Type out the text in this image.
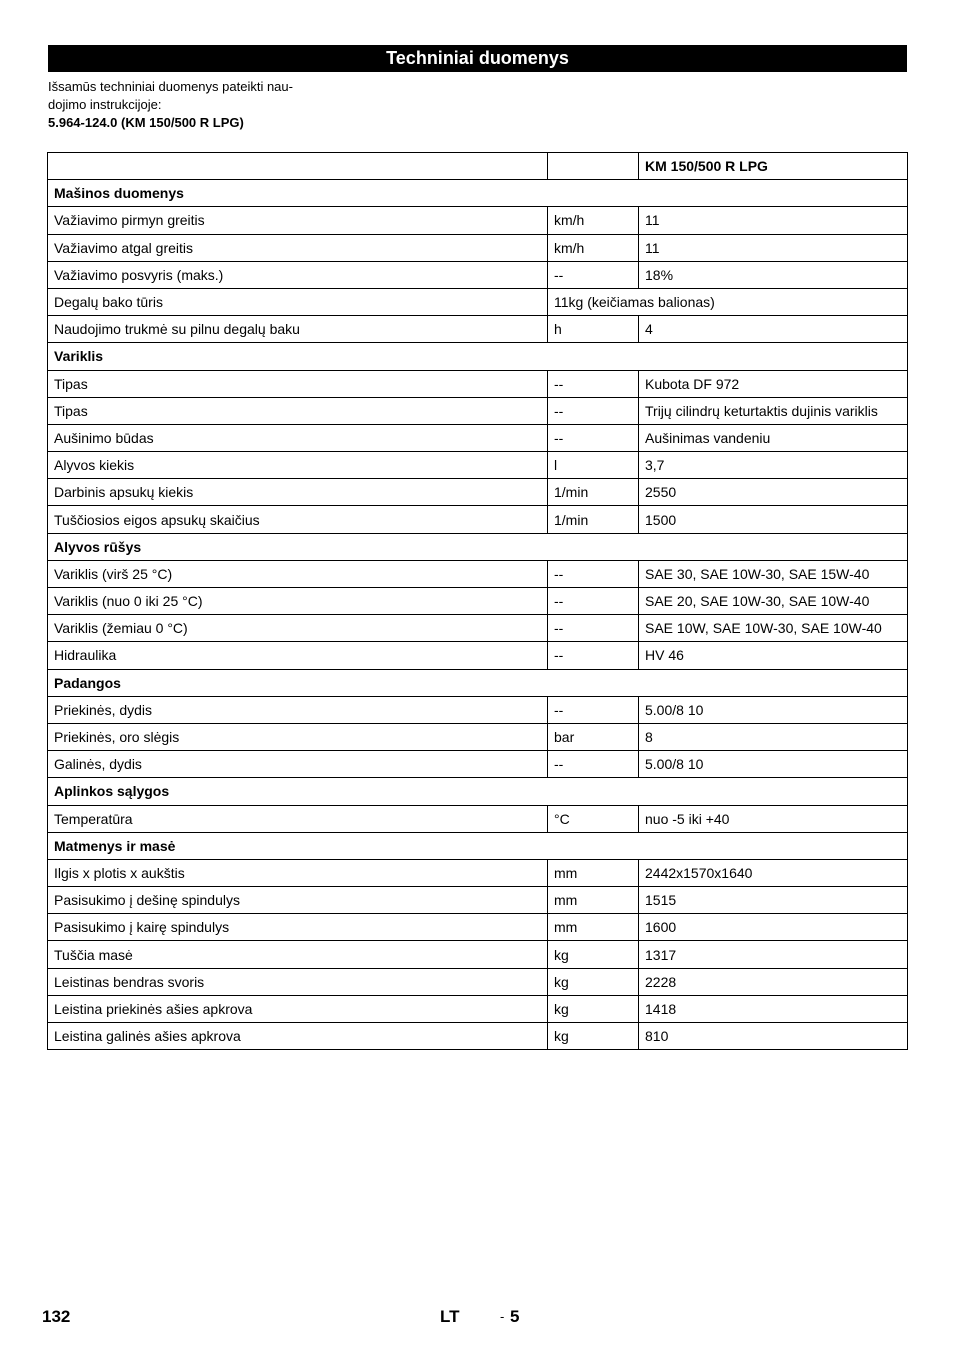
Techniniai duomenys
Išsamūs techniniai duomenys pateikti nau-
dojimo instrukcijoje:
5.964-124.0 (KM 150/500 R LPG)
		KM 150/500 R LPG
Mašinos duomenys		
Važiavimo pirmyn greitis	km/h	11
Važiavimo atgal greitis	km/h	11
Važiavimo posvyris (maks.)	--	18%
Degalų bako tūris	11kg (keičiamas balionas)	
Naudojimo trukmė su pilnu degalų baku	h	4
Variklis		
Tipas	--	Kubota DF 972
Tipas	--	Trijų cilindrų keturtaktis dujinis variklis
Aušinimo būdas	--	Aušinimas vandeniu
Alyvos kiekis	l	3,7
Darbinis apsukų kiekis	1/min	2550
Tuščiosios eigos apsukų skaičius	1/min	1500
Alyvos rūšys		
Variklis (virš 25 °C)	--	SAE 30, SAE 10W-30, SAE 15W-40
Variklis (nuo 0 iki 25 °C)	--	SAE 20, SAE 10W-30, SAE 10W-40
Variklis (žemiau 0 °C)	--	SAE 10W, SAE 10W-30, SAE 10W-40
Hidraulika	--	HV 46
Padangos		
Priekinės, dydis	--	5.00/8 10
Priekinės, oro slėgis	bar	8
Galinės, dydis	--	5.00/8 10
Aplinkos sąlygos		
Temperatūra	°C	nuo -5 iki +40
Matmenys ir masė		
Ilgis x plotis x aukštis	mm	2442x1570x1640
Pasisukimo į dešinę spindulys	mm	1515
Pasisukimo į kairę spindulys	mm	1600
Tuščia masė	kg	1317
Leistinas bendras svoris	kg	2228
Leistina priekinės ašies apkrova	kg	1418
Leistina galinės ašies apkrova	kg	810
132	LT	- 5
